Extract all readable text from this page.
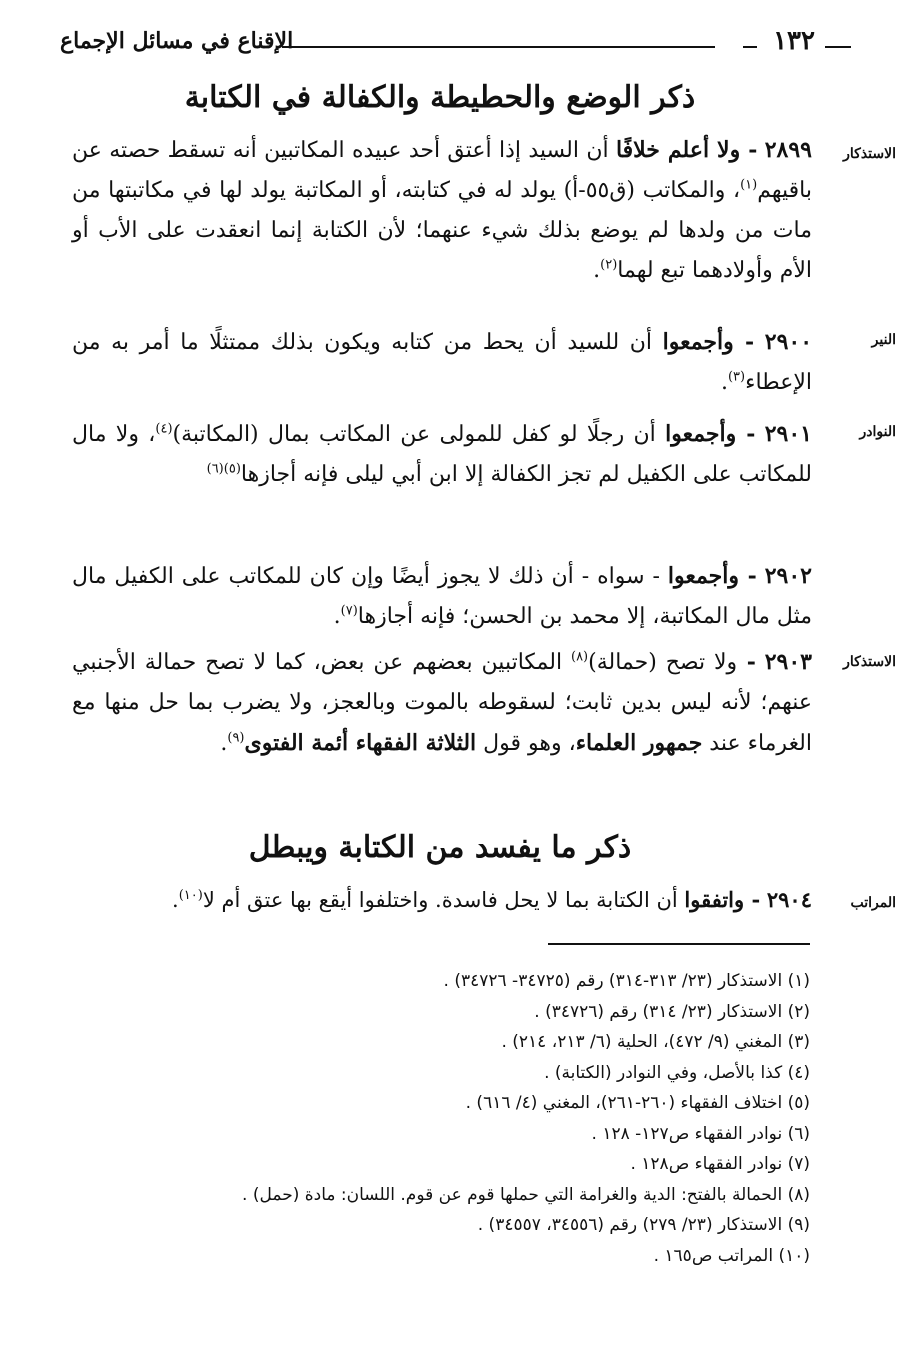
١٣٢
الإقناع في مسائل الإجماع
ذكر الوضع والحطيطة والكفالة في الكتابة
الاستذكار
٢٨٩٩ - ولا أعلم خلافًا أن السيد إذا أعتق أحد عبيده المكاتبين أنه تسقط حصته عن باقيهم$^{(١)}$، والمكاتب (ق٥٥-أ) يولد له في كتابته، أو المكاتبة يولد لها في مكاتبتها من مات من ولدها لم يوضع بذلك شيء عنهما؛ لأن الكتابة إنما انعقدت على الأب أو الأم وأولادهما تبع لهما$^{(٢)}$.
النير
٢٩٠٠ - وأجمعوا أن للسيد أن يحط من كتابه ويكون بذلك ممتثلًا ما أمر به من الإعطاء$^{(٣)}$.
النوادر
٢٩٠١ - وأجمعوا أن رجلًا لو كفل للمولى عن المكاتب بمال (المكاتبة)$^{(٤)}$، ولا مال للمكاتب على الكفيل لم تجز الكفالة إلا ابن أبي ليلى فإنه أجازها$^{(٥)(٦)}$
٢٩٠٢ - وأجمعوا - سواه - أن ذلك لا يجوز أيضًا وإن كان للمكاتب على الكفيل مال مثل مال المكاتبة، إلا محمد بن الحسن؛ فإنه أجازها$^{(٧)}$.
الاستذكار
٢٩٠٣ - ولا تصح (حمالة)$^{(٨)}$ المكاتبين بعضهم عن بعض، كما لا تصح حمالة الأجنبي عنهم؛ لأنه ليس بدين ثابت؛ لسقوطه بالموت وبالعجز، ولا يضرب بما حل منها مع الغرماء عند جمهور العلماء، وهو قول الثلاثة الفقهاء أئمة الفتوى$^{(٩)}$.
ذكر ما يفسد من الكتابة ويبطل
المراتب
٢٩٠٤ - واتفقوا أن الكتابة بما لا يحل فاسدة. واختلفوا أيقع بها عتق أم لا$^{(١٠)}$.
(١) الاستذكار (٢٣/ ٣١٣-٣١٤) رقم (٣٤٧٢٥- ٣٤٧٢٦) .
(٢) الاستذكار (٢٣/ ٣١٤) رقم (٣٤٧٢٦) .
(٣) المغني (٩/ ٤٧٢)، الحلية (٦/ ٢١٣، ٢١٤) .
(٤) كذا بالأصل، وفي النوادر (الكتابة) .
(٥) اختلاف الفقهاء (٢٦٠-٢٦١)، المغني (٤/ ٦١٦) .
(٦) نوادر الفقهاء ص١٢٧- ١٢٨ .
(٧) نوادر الفقهاء ص١٢٨ .
(٨) الحمالة بالفتح: الدية والغرامة التي حملها قوم عن قوم. اللسان: مادة (حمل) .
(٩) الاستذكار (٢٣/ ٢٧٩) رقم (٣٤٥٥٦، ٣٤٥٥٧) .
(١٠) المراتب ص١٦٥ .
